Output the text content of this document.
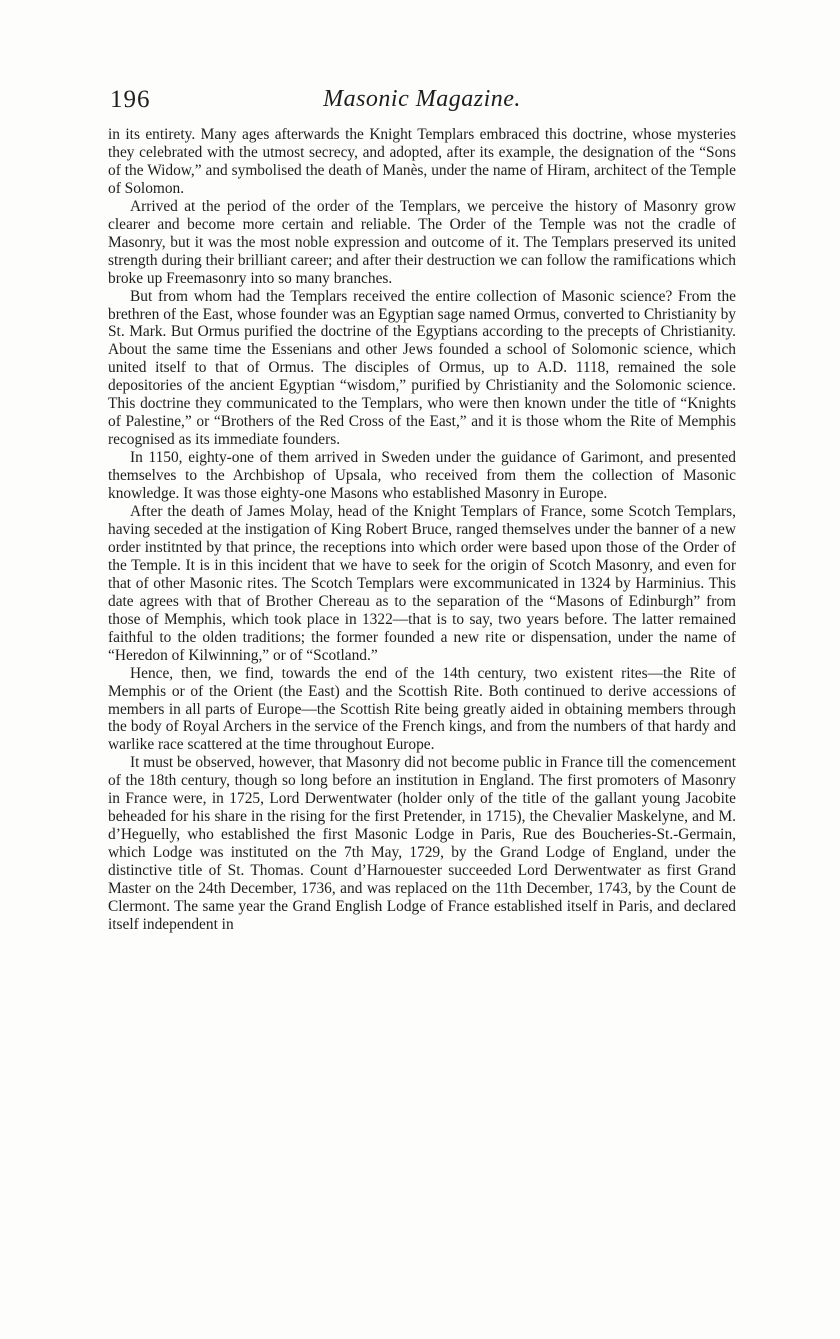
196	Masonic Magazine.

in its entirety. Many ages afterwards the Knight Templars embraced this doctrine, whose mysteries they celebrated with the utmost secrecy, and adopted, after its example, the designation of the “Sons of the Widow,” and symbolised the death of Manès, under the name of Hiram, architect of the Temple of Solomon.

Arrived at the period of the order of the Templars, we perceive the history of Masonry grow clearer and become more certain and reliable. The Order of the Temple was not the cradle of Masonry, but it was the most noble expression and outcome of it. The Templars preserved its united strength during their brilliant career; and after their destruction we can follow the ramifications which broke up Freemasonry into so many branches.

But from whom had the Templars received the entire collection of Masonic science? From the brethren of the East, whose founder was an Egyptian sage named Ormus, converted to Christianity by St. Mark. But Ormus purified the doctrine of the Egyptians according to the precepts of Christianity. About the same time the Essenians and other Jews founded a school of Solomonic science, which united itself to that of Ormus. The disciples of Ormus, up to A.D. 1118, remained the sole depositories of the ancient Egyptian “wisdom,” purified by Christianity and the Solomonic science. This doctrine they communicated to the Templars, who were then known under the title of “Knights of Palestine,” or “Brothers of the Red Cross of the East,” and it is those whom the Rite of Memphis recognised as its immediate founders.

In 1150, eighty-one of them arrived in Sweden under the guidance of Garimont, and presented themselves to the Archbishop of Upsala, who received from them the collection of Masonic knowledge. It was those eighty-one Masons who established Masonry in Europe.

After the death of James Molay, head of the Knight Templars of France, some Scotch Templars, having seceded at the instigation of King Robert Bruce, ranged themselves under the banner of a new order institnted by that prince, the receptions into which order were based upon those of the Order of the Temple. It is in this incident that we have to seek for the origin of Scotch Masonry, and even for that of other Masonic rites. The Scotch Templars were excommunicated in 1324 by Harminius. This date agrees with that of Brother Chereau as to the separation of the “Masons of Edinburgh” from those of Memphis, which took place in 1322—that is to say, two years before. The latter remained faithful to the olden traditions; the former founded a new rite or dispensation, under the name of “Heredon of Kilwinning,” or of “Scotland.”

Hence, then, we find, towards the end of the 14th century, two existent rites—the Rite of Memphis or of the Orient (the East) and the Scottish Rite. Both continued to derive accessions of members in all parts of Europe—the Scottish Rite being greatly aided in obtaining members through the body of Royal Archers in the service of the French kings, and from the numbers of that hardy and warlike race scattered at the time throughout Europe.

It must be observed, however, that Masonry did not become public in France till the comencement of the 18th century, though so long before an institution in England. The first promoters of Masonry in France were, in 1725, Lord Derwentwater (holder only of the title of the gallant young Jacobite beheaded for his share in the rising for the first Pretender, in 1715), the Chevalier Maskelyne, and M. d’Heguelly, who established the first Masonic Lodge in Paris, Rue des Boucheries-St.-Germain, which Lodge was instituted on the 7th May, 1729, by the Grand Lodge of England, under the distinctive title of St. Thomas. Count d’Harnouester succeeded Lord Derwentwater as first Grand Master on the 24th December, 1736, and was replaced on the 11th December, 1743, by the Count de Clermont. The same year the Grand English Lodge of France established itself in Paris, and declared itself independent in
